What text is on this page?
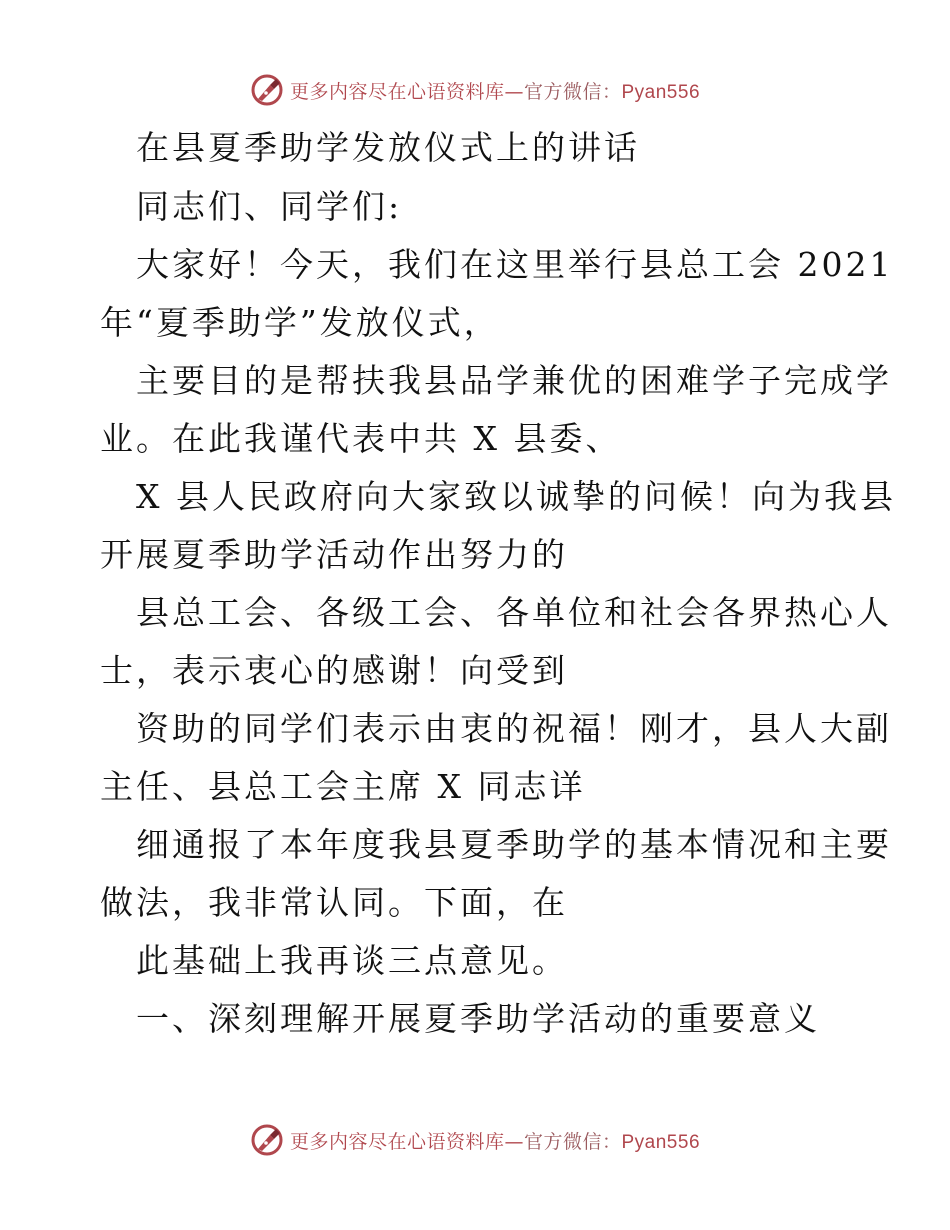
更多内容尽在心语资料库—官方微信：Pyan556
在县夏季助学发放仪式上的讲话
同志们、同学们:
大家好！今天，我们在这里举行县总工会 2021
年“夏季助学”发放仪式，
主要目的是帮扶我县品学兼优的困难学子完成学
业。在此我谨代表中共 X 县委、
X 县人民政府向大家致以诚挚的问候！向为我县
开展夏季助学活动作出努力的
县总工会、各级工会、各单位和社会各界热心人
士，表示衷心的感谢！向受到
资助的同学们表示由衷的祝福！刚才，县人大副
主任、县总工会主席 X 同志详
细通报了本年度我县夏季助学的基本情况和主要
做法，我非常认同。下面，在
此基础上我再谈三点意见。
一、深刻理解开展夏季助学活动的重要意义
更多内容尽在心语资料库—官方微信：Pyan556
